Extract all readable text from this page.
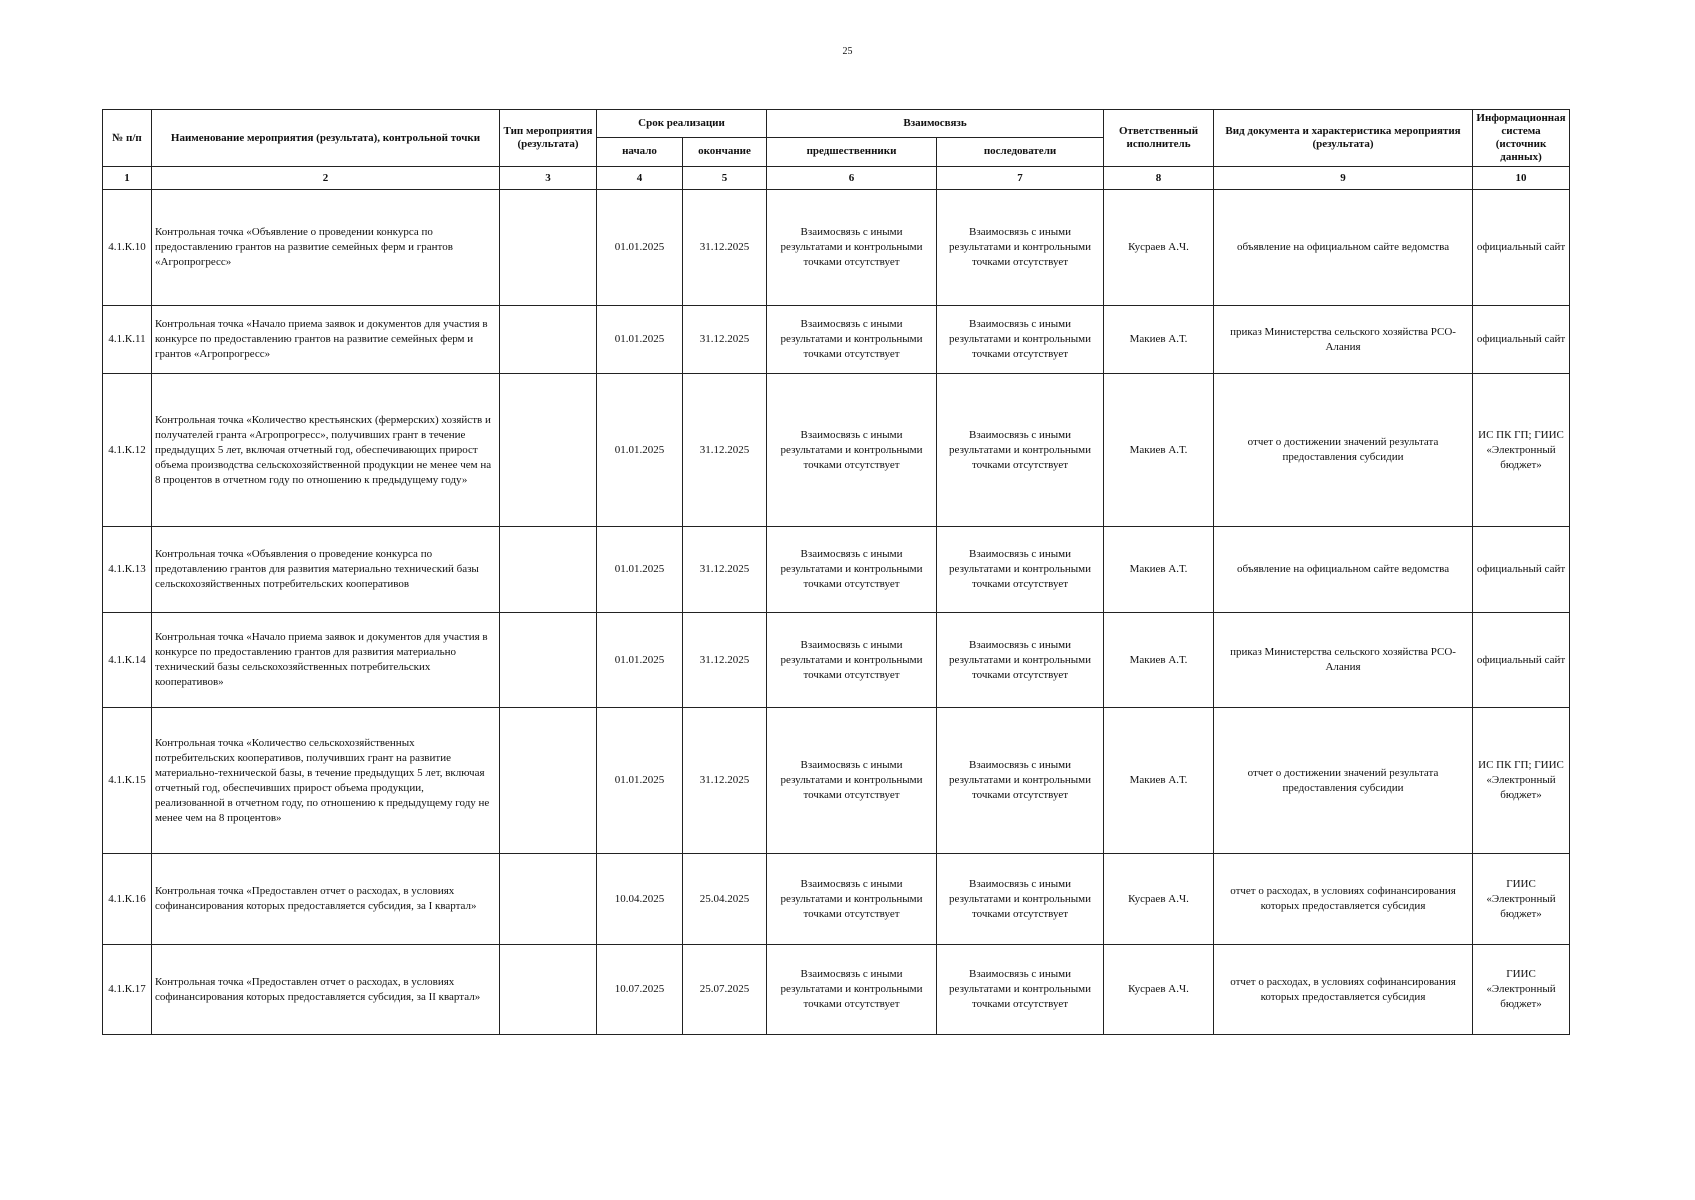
25
№ п/п	Наименование мероприятия (результата), контрольной точки	Тип мероприятия (результата)	Срок реализации		Взаимосвязь		Ответственный исполнитель	Вид документа и характеристика мероприятия (результата)	Информационная система (источник данных)
			начало	окончание	предшественники	последователи			
1	2	3	4	5	6	7	8	9	10
4.1.К.10	Контрольная точка «Объявление о проведении конкурса по предоставлению грантов на развитие семейных ферм и грантов «Агропрогресс»		01.01.2025	31.12.2025	Взаимосвязь с иными результатами и контрольными точками отсутствует	Взаимосвязь с иными результатами и контрольными точками отсутствует	Кусраев А.Ч.	объявление на официальном сайте ведомства	официальный сайт
4.1.К.11	Контрольная точка «Начало приема заявок и документов для участия в конкурсе по предоставлению грантов на развитие семейных ферм и грантов «Агропрогресс»		01.01.2025	31.12.2025	Взаимосвязь с иными результатами и контрольными точками отсутствует	Взаимосвязь с иными результатами и контрольными точками отсутствует	Макиев А.Т.	приказ Министерства сельского хозяйства РСО-Алания	официальный сайт
4.1.К.12	Контрольная точка «Количество крестьянских (фермерских) хозяйств и получателей гранта «Агропрогресс», получивших грант в течение предыдущих 5 лет, включая отчетный год, обеспечивающих прирост объема производства сельскохозяйственной продукции не менее чем на 8 процентов в отчетном году по отношению к предыдущему году»		01.01.2025	31.12.2025	Взаимосвязь с иными результатами и контрольными точками отсутствует	Взаимосвязь с иными результатами и контрольными точками отсутствует	Макиев А.Т.	отчет о достижении значений результата предоставления субсидии	ИС ПК ГП; ГИИС «Электронный бюджет»
4.1.К.13	Контрольная точка «Объявления о проведение конкурса по предотавлению грантов для развития материально технический базы сельскохозяйственных потребительских кооперативов		01.01.2025	31.12.2025	Взаимосвязь с иными результатами и контрольными точками отсутствует	Взаимосвязь с иными результатами и контрольными точками отсутствует	Макиев А.Т.	объявление на официальном сайте ведомства	официальный сайт
4.1.К.14	Контрольная точка «Начало приема заявок и документов для участия в конкурсе по предоставлению грантов для развития материально технический базы сельскохозяйственных потребительских кооперативов»		01.01.2025	31.12.2025	Взаимосвязь с иными результатами и контрольными точками отсутствует	Взаимосвязь с иными результатами и контрольными точками отсутствует	Макиев А.Т.	приказ Министерства сельского хозяйства РСО-Алания	официальный сайт
4.1.К.15	Контрольная точка «Количество сельскохозяйственных потребительских кооперативов, получивших грант на развитие материально-технической базы, в течение предыдущих 5 лет, включая отчетный год, обеспечивших прирост объема продукции, реализованной в отчетном году, по отношению к предыдущему году не менее чем на 8 процентов»		01.01.2025	31.12.2025	Взаимосвязь с иными результатами и контрольными точками отсутствует	Взаимосвязь с иными результатами и контрольными точками отсутствует	Макиев А.Т.	отчет о достижении значений результата предоставления субсидии	ИС ПК ГП; ГИИС «Электронный бюджет»
4.1.К.16	Контрольная точка «Предоставлен отчет о расходах, в условиях софинансирования которых предоставляется субсидия, за I квартал»		10.04.2025	25.04.2025	Взаимосвязь с иными результатами и контрольными точками отсутствует	Взаимосвязь с иными результатами и контрольными точками отсутствует	Кусраев А.Ч.	отчет о расходах, в условиях софинансирования которых предоставляется субсидия	ГИИС «Электронный бюджет»
4.1.К.17	Контрольная точка «Предоставлен отчет о расходах, в условиях софинансирования которых предоставляется субсидия, за II квартал»		10.07.2025	25.07.2025	Взаимосвязь с иными результатами и контрольными точками отсутствует	Взаимосвязь с иными результатами и контрольными точками отсутствует	Кусраев А.Ч.	отчет о расходах, в условиях софинансирования которых предоставляется субсидия	ГИИС «Электронный бюджет»
